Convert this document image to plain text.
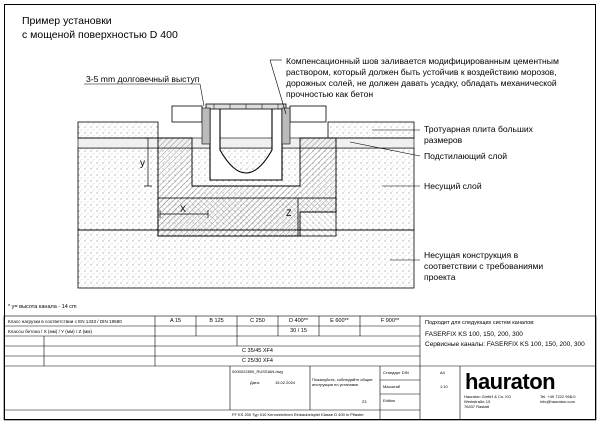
Пример установки
с мощеной поверхностью D 400
3-5 mm долговечный выступ
Компенсационный шов заливается модифицированным цементным
раствором, который должен быть устойчив к воздействию морозов,
дорожных солей, не должен давать усадку, обладать механической
прочностью как бетон
Тротуарная плита больших
размеров
Подстилающий слой
Несущий слой
Несущая конструкция в
соответствии с требованиями
проекта
y
X	Z
* y= высота канала - 14 cm
Класс нагрузки в соответствии с EN 1433 / DIN 19580	A 15	B 125	C 250	D 400**	E 600**	F 900**
Классы бетона / X (мм) / Y (мм) / Z (мм)	30 / 15
C 35/45 XF4
C 25/30 XF4
Подходит для следующих систем каналов:
FASERFIX KS 100, 150, 200, 300
Сервисные каналы: FASERFIX KS 100, 150, 200, 300
0000022890_RUSSIAN.dwg
23
Дата:	15.02.2024
Пожалуйста, соблюдайте общие
инструкции по установке.
Стандарт DIN	A4
Масштаб	1:10
Edition
FF KS 200 Typ 010 Kennzeichnen Einbaubeispiel Klasse D 400 in Pflaster
hauraton
Hauraton GmbH & Co. KG
Werkstraße 13
76437 Rastatt
Tel. +49 7222 958-0
info@hauraton.com
